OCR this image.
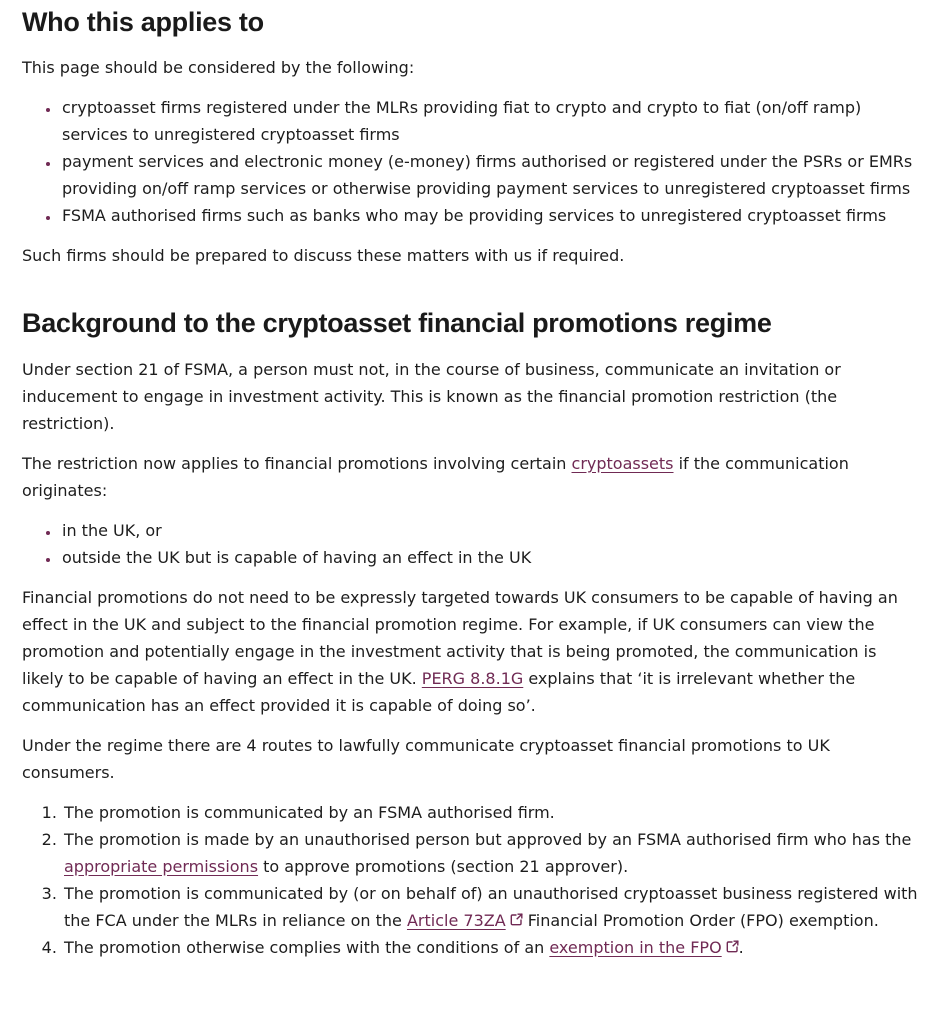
Who this applies to

This page should be considered by the following:

• cryptoasset firms registered under the MLRs providing fiat to crypto and crypto to fiat (on/off ramp) services to unregistered cryptoasset firms
• payment services and electronic money (e-money) firms authorised or registered under the PSRs or EMRs providing on/off ramp services or otherwise providing payment services to unregistered cryptoasset firms
• FSMA authorised firms such as banks who may be providing services to unregistered cryptoasset firms

Such firms should be prepared to discuss these matters with us if required.

Background to the cryptoasset financial promotions regime

Under section 21 of FSMA, a person must not, in the course of business, communicate an invitation or inducement to engage in investment activity. This is known as the financial promotion restriction (the restriction).

The restriction now applies to financial promotions involving certain cryptoassets if the communication originates:

• in the UK, or
• outside the UK but is capable of having an effect in the UK

Financial promotions do not need to be expressly targeted towards UK consumers to be capable of having an effect in the UK and subject to the financial promotion regime. For example, if UK consumers can view the promotion and potentially engage in the investment activity that is being promoted, the communication is likely to be capable of having an effect in the UK. PERG 8.8.1G explains that ‘it is irrelevant whether the communication has an effect provided it is capable of doing so’.

Under the regime there are 4 routes to lawfully communicate cryptoasset financial promotions to UK consumers.

1. The promotion is communicated by an FSMA authorised firm.
2. The promotion is made by an unauthorised person but approved by an FSMA authorised firm who has the appropriate permissions to approve promotions (section 21 approver).
3. The promotion is communicated by (or on behalf of) an unauthorised cryptoasset business registered with the FCA under the MLRs in reliance on the Article 73ZA
Financial Promotion Order (FPO) exemption.
4. The promotion otherwise complies with the conditions of an exemption in the FPO .
